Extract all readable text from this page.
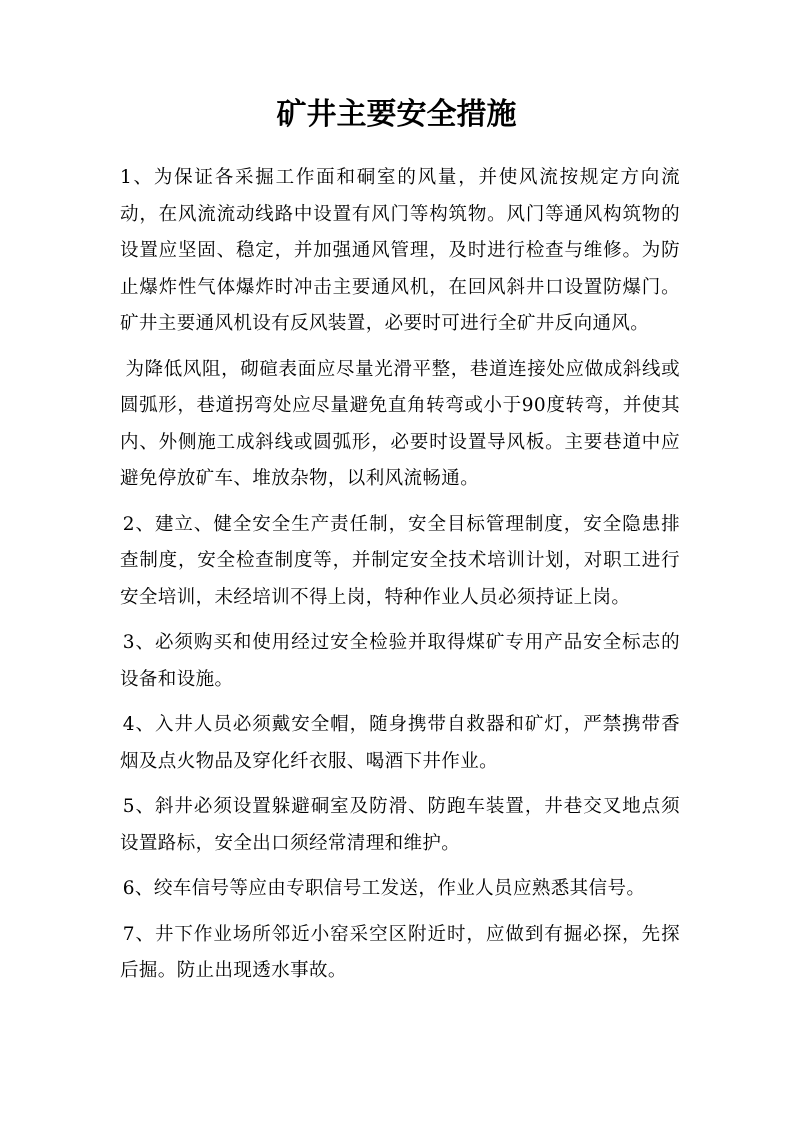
矿井主要安全措施

1、为保证各采掘工作面和硐室的风量，并使风流按规定方向流动，在风流流动线路中设置有风门等构筑物。风门等通风构筑物的设置应坚固、稳定，并加强通风管理，及时进行检查与维修。为防止爆炸性气体爆炸时冲击主要通风机，在回风斜井口设置防爆门。矿井主要通风机设有反风装置，必要时可进行全矿井反向通风。

为降低风阻，砌碹表面应尽量光滑平整，巷道连接处应做成斜线或圆弧形，巷道拐弯处应尽量避免直角转弯或小于90度转弯，并使其内、外侧施工成斜线或圆弧形，必要时设置导风板。主要巷道中应避免停放矿车、堆放杂物，以利风流畅通。

2、建立、健全安全生产责任制，安全目标管理制度，安全隐患排查制度，安全检查制度等，并制定安全技术培训计划，对职工进行安全培训，未经培训不得上岗，特种作业人员必须持证上岗。

3、必须购买和使用经过安全检验并取得煤矿专用产品安全标志的设备和设施。

4、入井人员必须戴安全帽，随身携带自救器和矿灯，严禁携带香烟及点火物品及穿化纤衣服、喝酒下井作业。

5、斜井必须设置躲避硐室及防滑、防跑车装置，井巷交叉地点须设置路标，安全出口须经常清理和维护。

6、绞车信号等应由专职信号工发送，作业人员应熟悉其信号。

7、井下作业场所邻近小窑采空区附近时，应做到有掘必探，先探后掘。防止出现透水事故。
